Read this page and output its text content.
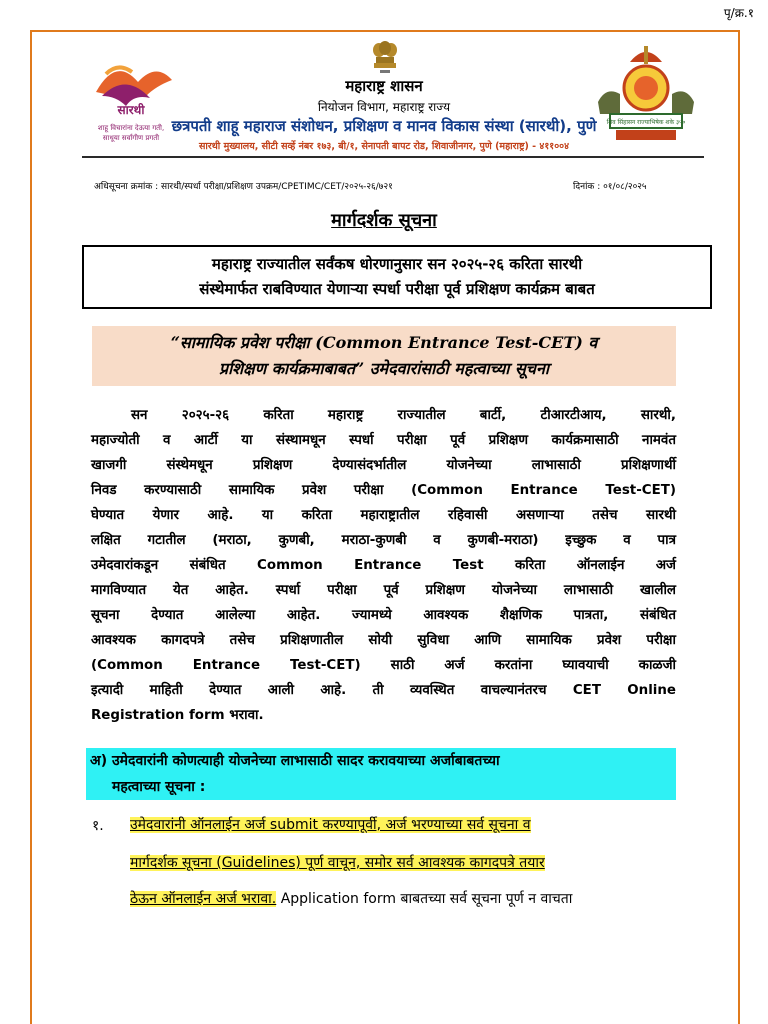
पृ/क्र.१
सारथी
शाहू विचारांना देऊया गती,
साधूया सर्वांगीण प्रगती
शिव सिंहासन राज्याभिषेक शके ३५०
महाराष्ट्र शासन
नियोजन विभाग, महाराष्ट्र राज्य
छत्रपती शाहू महाराज संशोधन, प्रशिक्षण व मानव विकास संस्था (सारथी), पुणे
सारथी मुख्यालय, सीटी सर्व्हे नंबर १७३, बी/१, सेनापती बापट रोड, शिवाजीनगर, पुणे (महाराष्ट्र) - ४११००४
अधिसूचना क्रमांक : सारथी/स्पर्धा परीक्षा/प्रशिक्षण उपक्रम/CPETIMC/CET/२०२५-२६/७२१	दिनांक : ०१/०८/२०२५
मार्गदर्शक सूचना
महाराष्ट्र राज्यातील सर्वंकष धोरणानुसार सन २०२५-२६ करिता सारथी
संस्थेमार्फत राबविण्यात येणाऱ्या स्पर्धा परीक्षा पूर्व प्रशिक्षण कार्यक्रम बाबत
“सामायिक प्रवेश परीक्षा (Common Entrance Test-CET) व
प्रशिक्षण कार्यक्रमाबाबत” उमेदवारांसाठी महत्वाच्या सूचना
सन २०२५-२६ करिता महाराष्ट्र राज्यातील बार्टी, टीआरटीआय, सारथी,
महाज्योती व आर्टी या संस्थामधून स्पर्धा परीक्षा पूर्व प्रशिक्षण कार्यक्रमासाठी नामवंत
खाजगी संस्थेमधून प्रशिक्षण देण्यासंदर्भातील योजनेच्या लाभासाठी प्रशिक्षणार्थी
निवड करण्यासाठी सामायिक प्रवेश परीक्षा (Common Entrance Test-CET)
घेण्यात येणार आहे. या करिता महाराष्ट्रातील रहिवासी असणाऱ्या तसेच सारथी
लक्षित गटातील (मराठा, कुणबी, मराठा-कुणबी व कुणबी-मराठा) इच्छुक व पात्र
उमेदवारांकडून संबंधित Common Entrance Test करिता ऑनलाईन अर्ज
मागविण्यात येत आहेत. स्पर्धा परीक्षा पूर्व प्रशिक्षण योजनेच्या लाभासाठी खालील
सूचना देण्यात आलेल्या आहेत. ज्यामध्ये आवश्यक शैक्षणिक पात्रता, संबंधित
आवश्यक कागदपत्रे तसेच प्रशिक्षणातील सोयी सुविधा आणि सामायिक प्रवेश परीक्षा
(Common Entrance Test-CET) साठी अर्ज करतांना घ्यावयाची काळजी
इत्यादी माहिती देण्यात आली आहे. ती व्यवस्थित वाचल्यानंतरच CET Online
Registration form भरावा.
अ) उमेदवारांनी कोणत्याही योजनेच्या लाभासाठी सादर करावयाच्या अर्जाबाबतच्या
महत्वाच्या सूचना :
१. उमेदवारांनी ऑनलाईन अर्ज submit करण्यापूर्वी, अर्ज भरण्याच्या सर्व सूचना व
मार्गदर्शक सूचना (Guidelines) पूर्ण वाचून, समोर सर्व आवश्यक कागदपत्रे तयार
ठेऊन ऑनलाईन अर्ज भरावा. Application form बाबतच्या सर्व सूचना पूर्ण न वाचता
